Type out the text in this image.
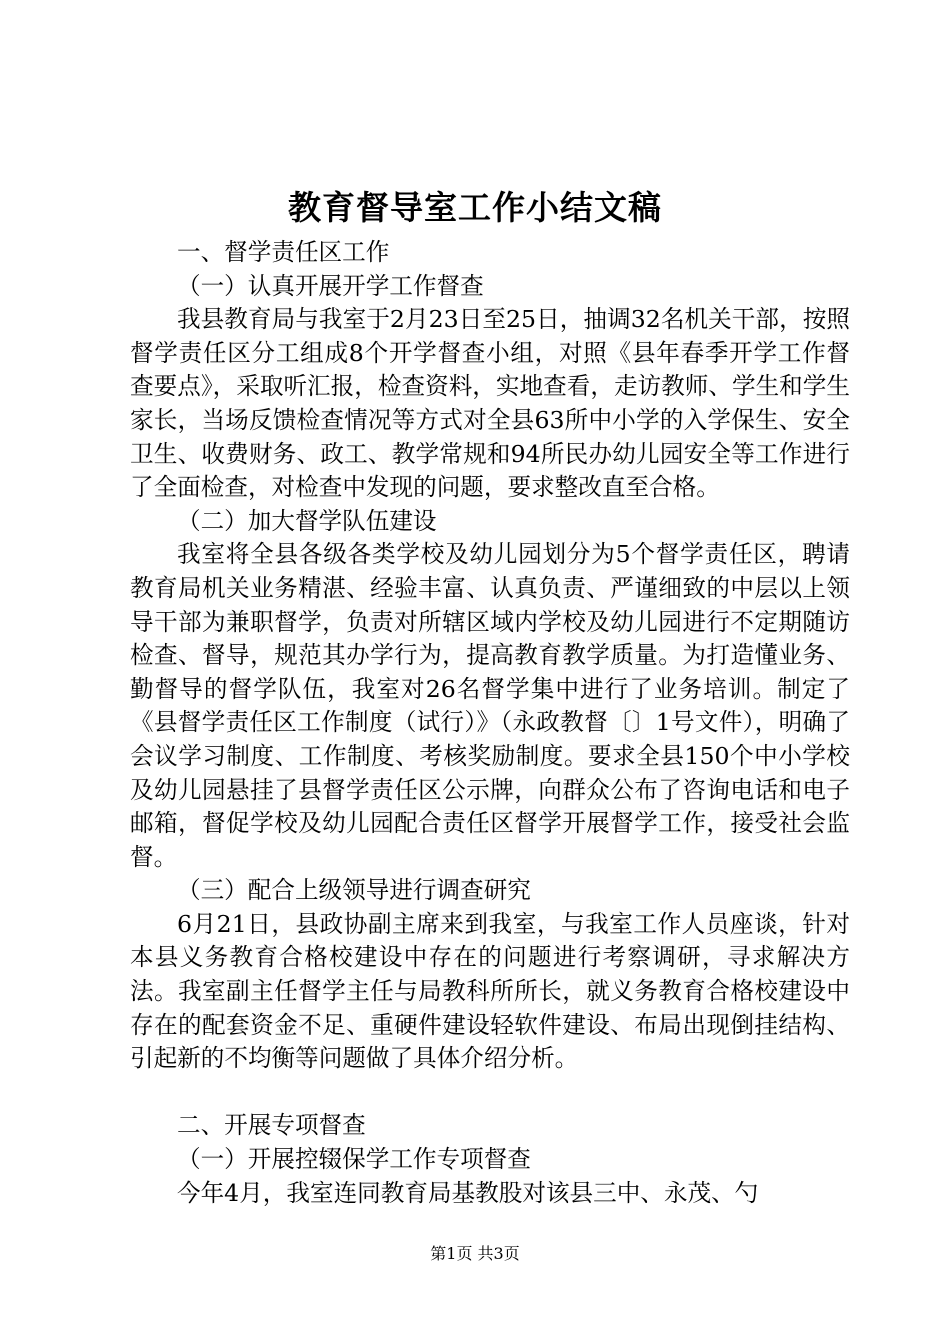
教育督导室工作小结文稿

一、督学责任区工作

（一）认真开展开学工作督查

我县教育局与我室于2月23日至25日，抽调32名机关干部，按照督学责任区分工组成8个开学督查小组，对照《县年春季开学工作督查要点》，采取听汇报，检查资料，实地查看，走访教师、学生和学生家长，当场反馈检查情况等方式对全县63所中小学的入学保生、安全卫生、收费财务、政工、教学常规和94所民办幼儿园安全等工作进行了全面检查，对检查中发现的问题，要求整改直至合格。

（二）加大督学队伍建设

我室将全县各级各类学校及幼儿园划分为5个督学责任区，聘请教育局机关业务精湛、经验丰富、认真负责、严谨细致的中层以上领导干部为兼职督学，负责对所辖区域内学校及幼儿园进行不定期随访检查、督导，规范其办学行为，提高教育教学质量。为打造懂业务、勤督导的督学队伍，我室对26名督学集中进行了业务培训。制定了《县督学责任区工作制度（试行）》（永政教督〔〕1号文件），明确了会议学习制度、工作制度、考核奖励制度。要求全县150个中小学校及幼儿园悬挂了县督学责任区公示牌，向群众公布了咨询电话和电子邮箱，督促学校及幼儿园配合责任区督学开展督学工作，接受社会监督。

（三）配合上级领导进行调查研究

6月21日，县政协副主席来到我室，与我室工作人员座谈，针对本县义务教育合格校建设中存在的问题进行考察调研，寻求解决方法。我室副主任督学主任与局教科所所长，就义务教育合格校建设中存在的配套资金不足、重硬件建设轻软件建设、布局出现倒挂结构、引起新的不均衡等问题做了具体介绍分析。

二、开展专项督查

（一）开展控辍保学工作专项督查

今年4月，我室连同教育局基教股对该县三中、永茂、勺

第1页 共3页
